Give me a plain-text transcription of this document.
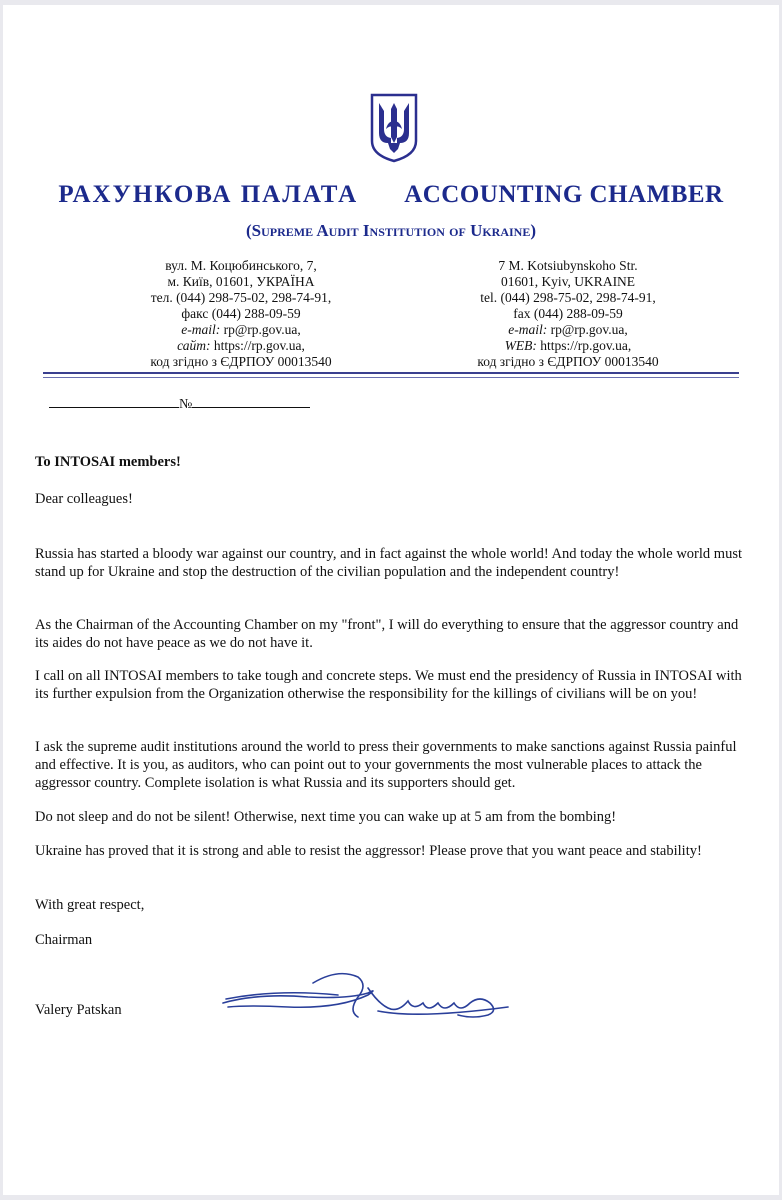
РАХУНКОВА ПАЛАТА ACCOUNTING CHAMBER
(Supreme Audit Institution of Ukraine)
вул. М. Коцюбинського, 7,
м. Київ, 01601, УКРАЇНА
тел. (044) 298-75-02, 298-74-91,
факс (044) 288-09-59
e-mail: rp@rp.gov.ua,
сайт: https://rp.gov.ua,
код згідно з ЄДРПОУ 00013540
7 M. Kotsiubynskoho Str.
01601, Kyiv, UKRAINE
tel. (044) 298-75-02, 298-74-91,
fax (044) 288-09-59
e-mail: rp@rp.gov.ua,
WEB: https://rp.gov.ua,
код згідно з ЄДРПОУ 00013540
№

To INTOSAI members!

Dear colleagues!

Russia has started a bloody war against our country, and in fact against the whole world! And today the whole world must stand up for Ukraine and stop the destruction of the civilian population and the independent country!

As the Chairman of the Accounting Chamber on my "front", I will do everything to ensure that the aggressor country and its aides do not have peace as we do not have it.

I call on all INTOSAI members to take tough and concrete steps. We must end the presidency of Russia in INTOSAI with its further expulsion from the Organization otherwise the responsibility for the killings of civilians will be on you!

I ask the supreme audit institutions around the world to press their governments to make sanctions against Russia painful and effective. It is you, as auditors, who can point out to your governments the most vulnerable places to attack the aggressor country. Complete isolation is what Russia and its supporters should get.

Do not sleep and do not be silent! Otherwise, next time you can wake up at 5 am from the bombing!

Ukraine has proved that it is strong and able to resist the aggressor! Please prove that you want peace and stability!

With great respect,

Chairman

Valery Patskan
